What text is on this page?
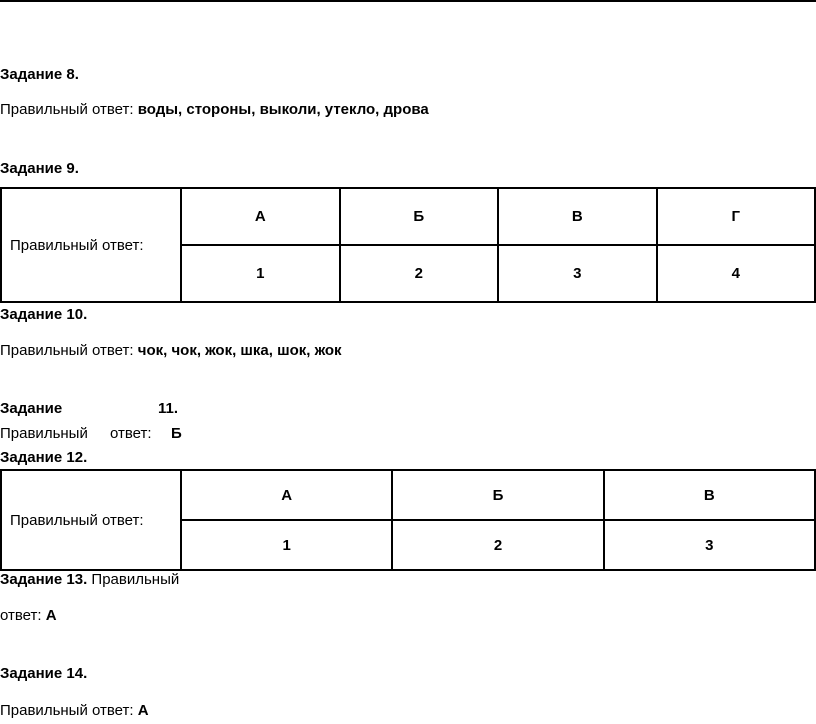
Задание 8.
Правильный ответ: воды, стороны, выколи, утекло, дрова
Задание 9.
Правильный ответ:	А	Б	В	Г
	1	2	3	4
Задание 10.
Правильный ответ: чок, чок, жок, шка, шок, жок
Задание	11.
Правильный ответ: Б
Задание 12.
Правильный ответ:	А	Б	В
	1	2	3
Задание 13. Правильный
ответ: А
Задание 14.
Правильный ответ: А
